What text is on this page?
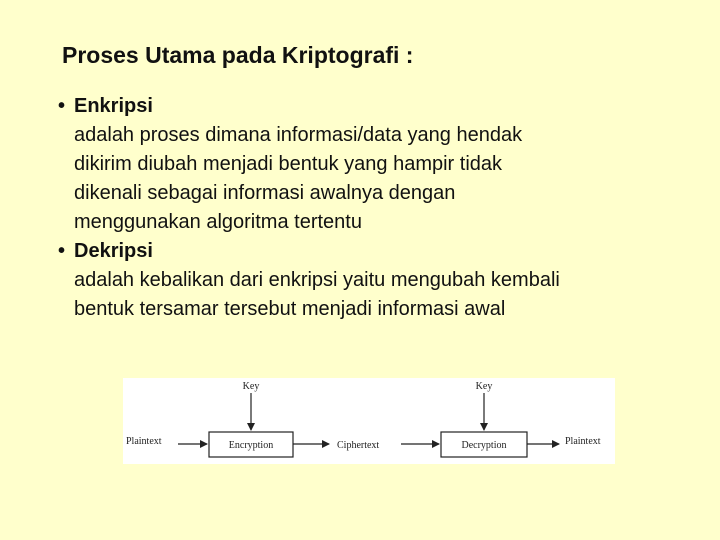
Proses Utama pada Kriptografi :
• Enkripsi
adalah proses dimana informasi/data yang hendak
dikirim diubah menjadi bentuk yang hampir tidak
dikenali sebagai informasi awalnya dengan
menggunakan algoritma tertentu
• Dekripsi
adalah kebalikan dari enkripsi yaitu mengubah kembali
bentuk tersamar tersebut menjadi informasi awal
Key	Key
Encryption	Decryption
Plaintext	Ciphertext	Plaintext
